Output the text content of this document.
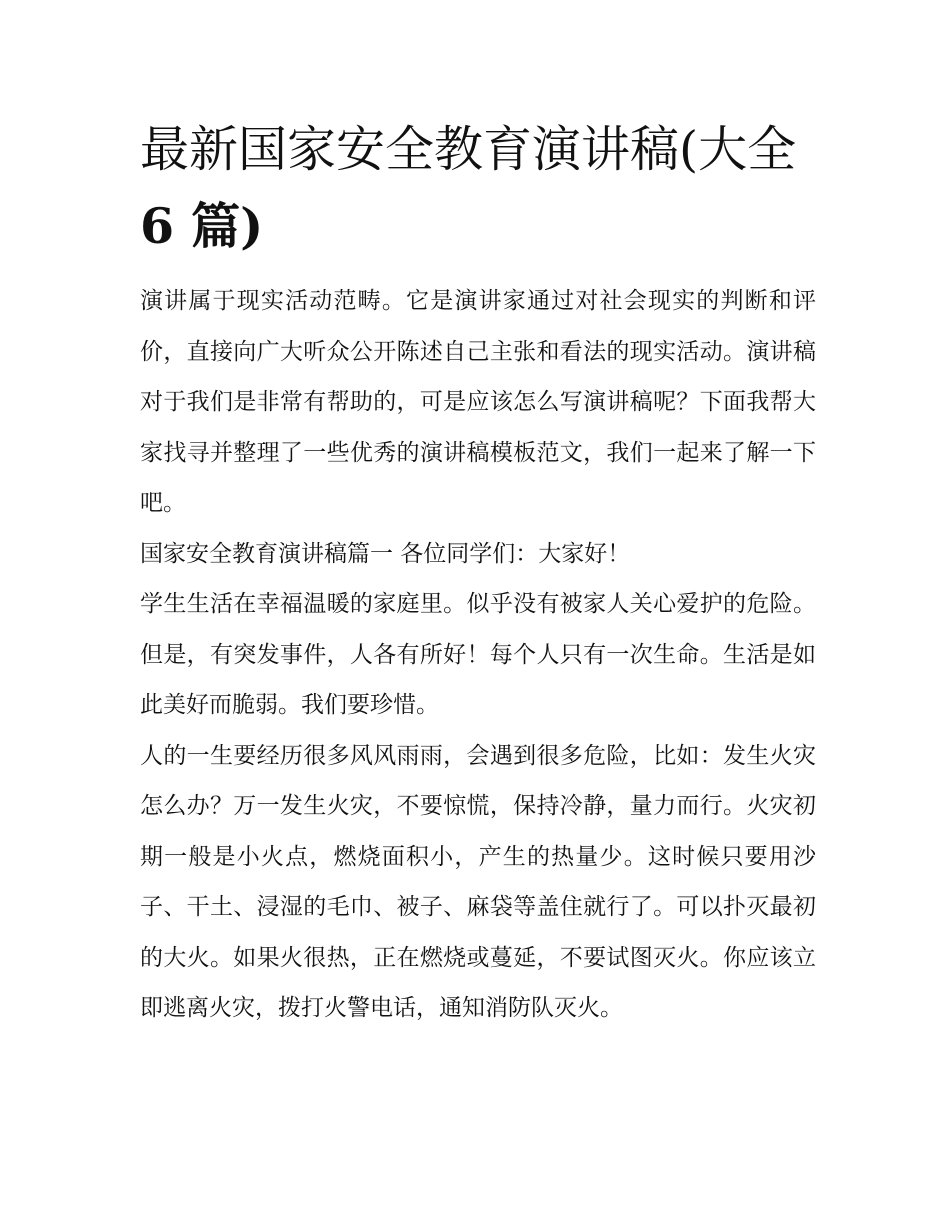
最新国家安全教育演讲稿(大全
6 篇)

演讲属于现实活动范畴。它是演讲家通过对社会现实的判断和评价，直接向广大听众公开陈述自己主张和看法的现实活动。演讲稿对于我们是非常有帮助的，可是应该怎么写演讲稿呢？下面我帮大家找寻并整理了一些优秀的演讲稿模板范文，我们一起来了解一下吧。

国家安全教育演讲稿篇一 各位同学们：大家好！

学生生活在幸福温暖的家庭里。似乎没有被家人关心爱护的危险。但是，有突发事件，人各有所好！每个人只有一次生命。生活是如此美好而脆弱。我们要珍惜。

人的一生要经历很多风风雨雨，会遇到很多危险，比如：发生火灾怎么办？万一发生火灾，不要惊慌，保持冷静，量力而行。火灾初期一般是小火点，燃烧面积小，产生的热量少。这时候只要用沙子、干土、浸湿的毛巾、被子、麻袋等盖住就行了。可以扑灭最初的大火。如果火很热，正在燃烧或蔓延，不要试图灭火。你应该立即逃离火灾，拨打火警电话，通知消防队灭火。
